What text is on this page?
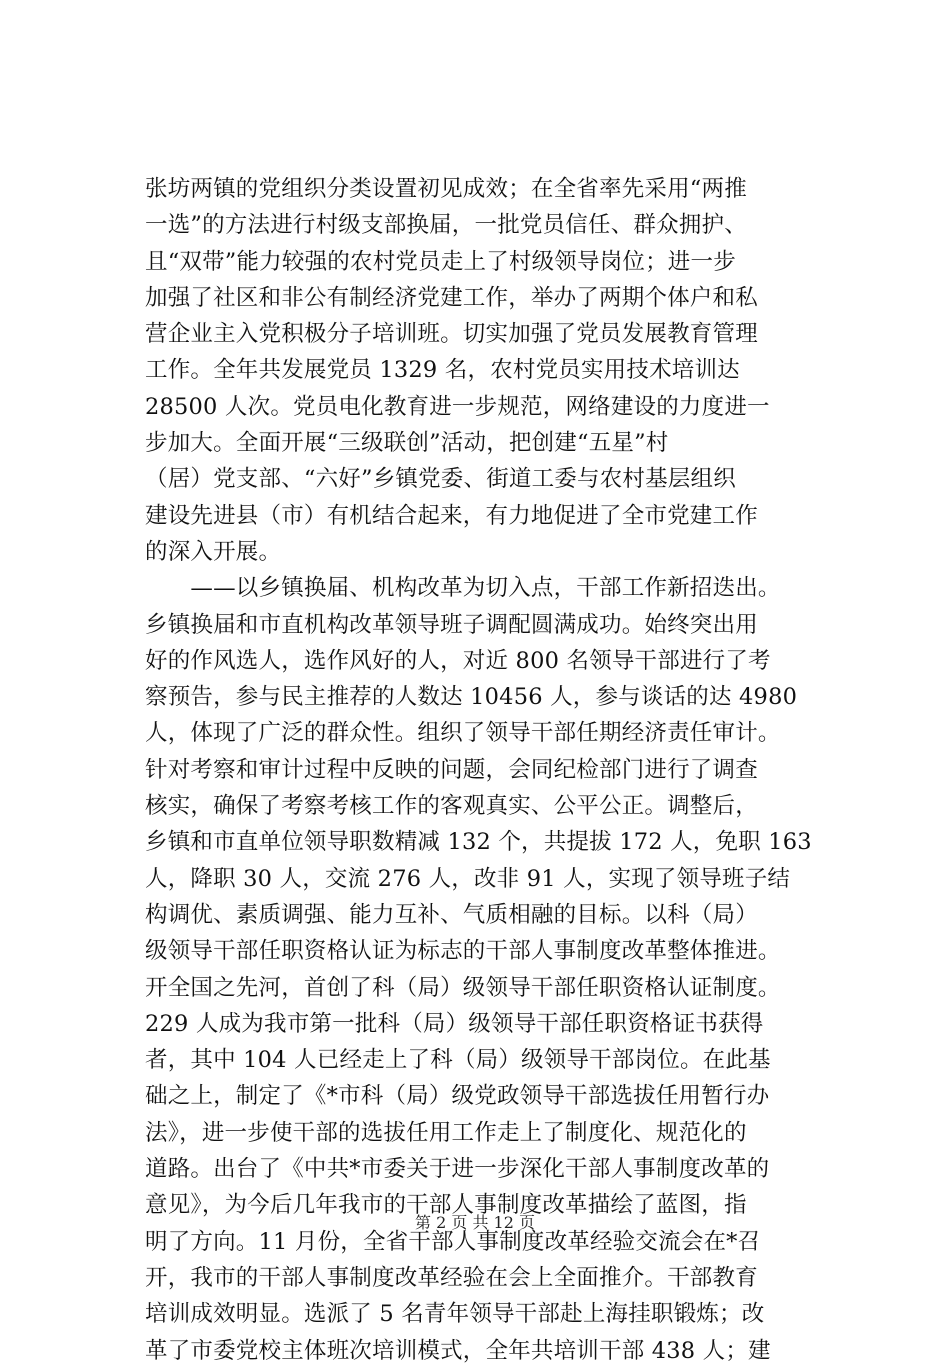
张坊两镇的党组织分类设置初见成效；在全省率先采用“两推
一选”的方法进行村级支部换届，一批党员信任、群众拥护、
且“双带”能力较强的农村党员走上了村级领导岗位；进一步
加强了社区和非公有制经济党建工作，举办了两期个体户和私
营企业主入党积极分子培训班。切实加强了党员发展教育管理
工作。全年共发展党员 1329 名，农村党员实用技术培训达
28500 人次。党员电化教育进一步规范，网络建设的力度进一
步加大。全面开展“三级联创”活动，把创建“五星”村
（居）党支部、“六好”乡镇党委、街道工委与农村基层组织
建设先进县（市）有机结合起来，有力地促进了全市党建工作
的深入开展。
　　——以乡镇换届、机构改革为切入点，干部工作新招迭出。
乡镇换届和市直机构改革领导班子调配圆满成功。始终突出用
好的作风选人，选作风好的人，对近 800 名领导干部进行了考
察预告，参与民主推荐的人数达 10456 人，参与谈话的达 4980
人，体现了广泛的群众性。组织了领导干部任期经济责任审计。
针对考察和审计过程中反映的问题，会同纪检部门进行了调查
核实，确保了考察考核工作的客观真实、公平公正。调整后，
乡镇和市直单位领导职数精减 132 个，共提拔 172 人，免职 163
人，降职 30 人，交流 276 人，改非 91 人，实现了领导班子结
构调优、素质调强、能力互补、气质相融的目标。以科（局）
级领导干部任职资格认证为标志的干部人事制度改革整体推进。
开全国之先河，首创了科（局）级领导干部任职资格认证制度。
229 人成为我市第一批科（局）级领导干部任职资格证书获得
者，其中 104 人已经走上了科（局）级领导干部岗位。在此基
础之上，制定了《*市科（局）级党政领导干部选拔任用暂行办
法》，进一步使干部的选拔任用工作走上了制度化、规范化的
道路。出台了《中共*市委关于进一步深化干部人事制度改革的
意见》，为今后几年我市的干部人事制度改革描绘了蓝图，指
明了方向。11 月份，全省干部人事制度改革经验交流会在*召
开，我市的干部人事制度改革经验在会上全面推介。干部教育
培训成效明显。选派了 5 名青年领导干部赴上海挂职锻炼；改
革了市委党校主体班次培训模式，全年共培训干部 438 人；建
第 2 页 共 12 页
